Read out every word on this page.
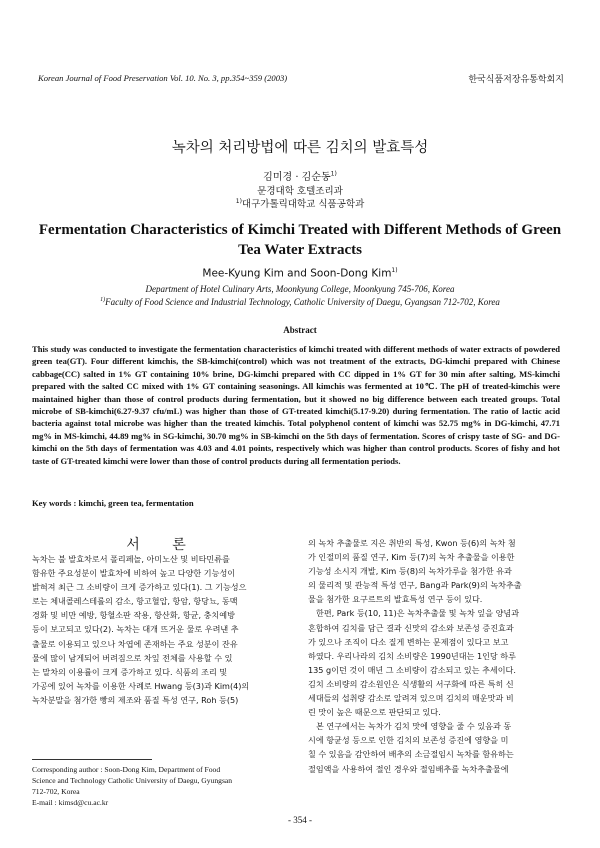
Korean Journal of Food Preservation Vol. 10. No. 3, pp.354~359 (2003)	한국식품저장유통학회지
녹차의 처리방법에 따른 김치의 발효특성
김미경 · 김순동$^{1)}$
문경대학 호텔조리과
$^{1)}$대구가톨릭대학교 식품공학과
Fermentation Characteristics of Kimchi Treated with Different Methods of Green
Tea Water Extracts
Mee-Kyung Kim and Soon-Dong Kim$^{1)}$
Department of Hotel Culinary Arts, Moonkyung College, Moonkyung 745-706, Korea
$^{1)}$Faculty of Food Science and Industrial Technology, Catholic University of Daegu, Gyangsan 712-702, Korea
Abstract

This study was conducted to investigate the fermentation characteristics of kimchi treated with different methods of water extracts of powdered green tea(GT). Four different kimchis, the SB-kimchi(control) which was not treatment of the extracts, DG-kimchi prepared with Chinese cabbage(CC) salted in 1% GT containing 10% brine, DG-kimchi prepared with CC dipped in 1% GT for 30 min after salting, MS-kimchi prepared with the salted CC mixed with 1% GT containing seasonings. All kimchis was fermented at 10℃. The pH of treated-kimchis were maintained higher than those of control products during fermentation, but it showed no big difference between each treated groups. Total microbe of SB-kimchi(6.27-9.37 cfu/mL) was higher than those of GT-treated kimchi(5.17-9.20) during fermentation. The ratio of lactic acid bacteria against total microbe was higher than the treated kimchis. Total polyphenol content of kimchi was 52.75 mg% in DG-kimchi, 47.71 mg% in MS-kimchi, 44.89 mg% in SG-kimchi, 30.70 mg% in SB-kimchi on the 5th days of fermentation. Scores of crispy taste of SG- and DG-kimchi on the 5th days of fermentation was 4.03 and 4.01 points, respectively which was higher than control products. Scores of fishy and hot taste of GT-treated kimchi were lower than those of control products during all fermentation periods.

Key words : kimchi, green tea, fermentation
서 론
녹차는 불 발효차로서 폴리페놀, 아미노산 및 비타민류를
함유한 주요성분이 발효차에 비하여 높고 다양한 기능성이
밝혀져 최근 그 소비량이 크게 증가하고 있다(1). 그 기능성으
로는 체내콜레스테롤의 감소, 항고혈압, 항암, 항당뇨, 동맥
경화 및 비만 예방, 항혈소판 작용, 항산화, 항균, 충치예방
등이 보고되고 있다(2). 녹차는 대개 뜨거운 물로 우려낸 추
출물로 이용되고 있으나 차엽에 존재하는 주요 성분이 잔유
물에 많이 남게되어 버려짐으로 차잎 전체를 사용할 수 있
는 말차의 이용률이 크게 증가하고 있다. 식품의 조리 및
가공에 있어 녹차를 이용한 사례로 Hwang 등(3)과 Kim(4)의
녹차분말을 첨가한 빵의 제조와 품질 특성 연구, Roh 등(5)
의 녹차 추출물로 지은 취반의 특성, Kwon 등(6)의 녹차 첨
가 인절미의 품질 연구, Kim 등(7)의 녹차 추출물을 이용한
기능성 소시지 개발, Kim 등(8)의 녹차가루을 첨가한 유과
의 물리적 및 관능적 특성 연구, Bang과 Park(9)의 녹차추출
물을 첨가한 요구르트의 발효특성 연구 등이 있다.
한편, Park 등(10, 11)은 녹차추출물 및 녹차 잎을 양념과
혼합하여 김치를 담근 결과 신맛의 감소와 보존성 증진효과
가 있으나 조직이 다소 질게 변하는 문제점이 있다고 보고
하였다. 우리나라의 김치 소비량은 1990년대는 1인당 하루
135 g이던 것이 매년 그 소비량이 감소되고 있는 추세이다.
김치 소비량의 감소원인은 식생활의 서구화에 따른 특히 신
세대들의 섭취량 감소로 알려져 있으며 김치의 매운맛과 비
린 맛이 높은 때문으로 판단되고 있다.
본 연구에서는 녹차가 김치 맛에 영향을 줄 수 있음과 동
시에 항균성 등으로 인한 김치의 보존성 증진에 영향을 미
칠 수 있음을 감안하여 배추의 소금절임시 녹차를 함유하는
절임액을 사용하여 절인 경우와 절임배추를 녹차추출물에
Corresponding author : Soon-Dong Kim, Department of Food
Science and Technology Catholic University of Daegu, Gyungsan
712-702, Korea
E-mail : kimsd@cu.ac.kr
- 354 -
